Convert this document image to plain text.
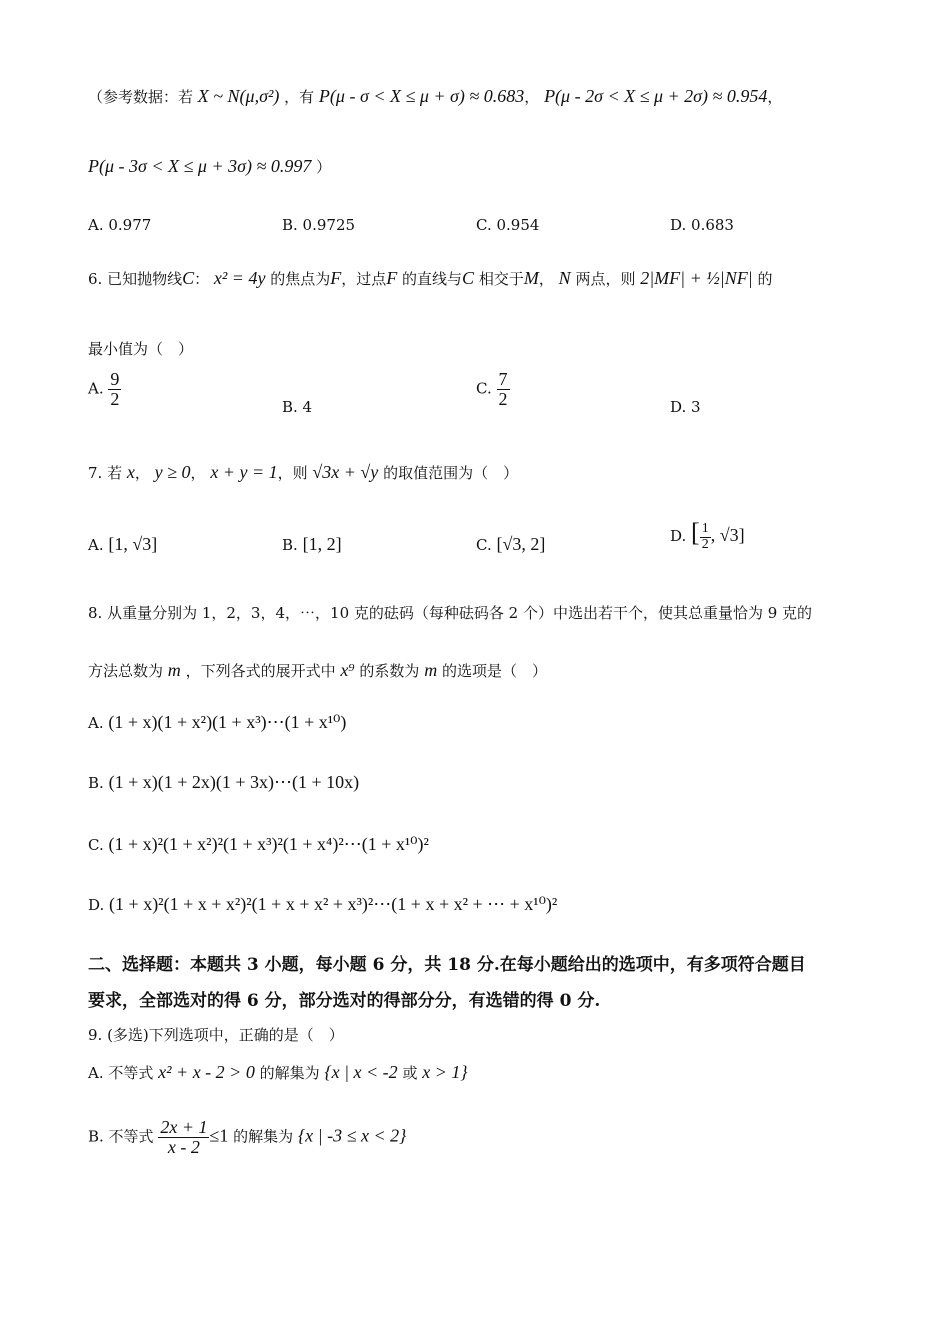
（参考数据：若 X ~ N(μ,σ²) ，有 P(μ - σ < X ≤ μ + σ) ≈ 0.683， P(μ - 2σ < X ≤ μ + 2σ) ≈ 0.954，
P(μ - 3σ < X ≤ μ + 3σ) ≈ 0.997 ）
A. 0.977	B. 0.9725	C. 0.954	D. 0.683
6. 已知抛物线C： x² = 4y 的焦点为F，过点F 的直线与C 相交于M， N 两点，则 2|MF| + ½|NF| 的
最小值为（　）
A. $\frac{9}{2}$	B. 4
C. $\frac{7}{2}$	D. 3
7. 若 x， y ≥ 0， x + y = 1，则 √3x + √y 的取值范围为（　）
A. [1, √3]	B. [1, 2]	C. [√3, 2]	D. [ $\frac{1}{2}$ , √3]
8. 从重量分别为 1，2，3，4，⋯，10 克的砝码（每种砝码各 2 个）中选出若干个，使其总重量恰为 9 克的
方法总数为 m ，下列各式的展开式中 x⁹ 的系数为 m 的选项是（　）
A. (1 + x)(1 + x²)(1 + x³)⋯(1 + x¹⁰)
B. (1 + x)(1 + 2x)(1 + 3x)⋯(1 + 10x)
C. (1 + x)²(1 + x²)²(1 + x³)²(1 + x⁴)²⋯(1 + x¹⁰)²
D. (1 + x)²(1 + x + x²)²(1 + x + x² + x³)²⋯(1 + x + x² + ⋯ + x¹⁰)²
二、选择题：本题共 3 小题，每小题 6 分，共 18 分.在每小题给出的选项中，有多项符合题目
要求，全部选对的得 6 分，部分选对的得部分分，有选错的得 0 分.
9. (多选)下列选项中，正确的是（　）
A. 不等式 x² + x - 2 > 0 的解集为 {x | x < -2 或 x > 1}
B. 不等式 $\frac{2x + 1}{x - 2} \le 1$ 的解集为 {x | -3 ≤ x < 2}
